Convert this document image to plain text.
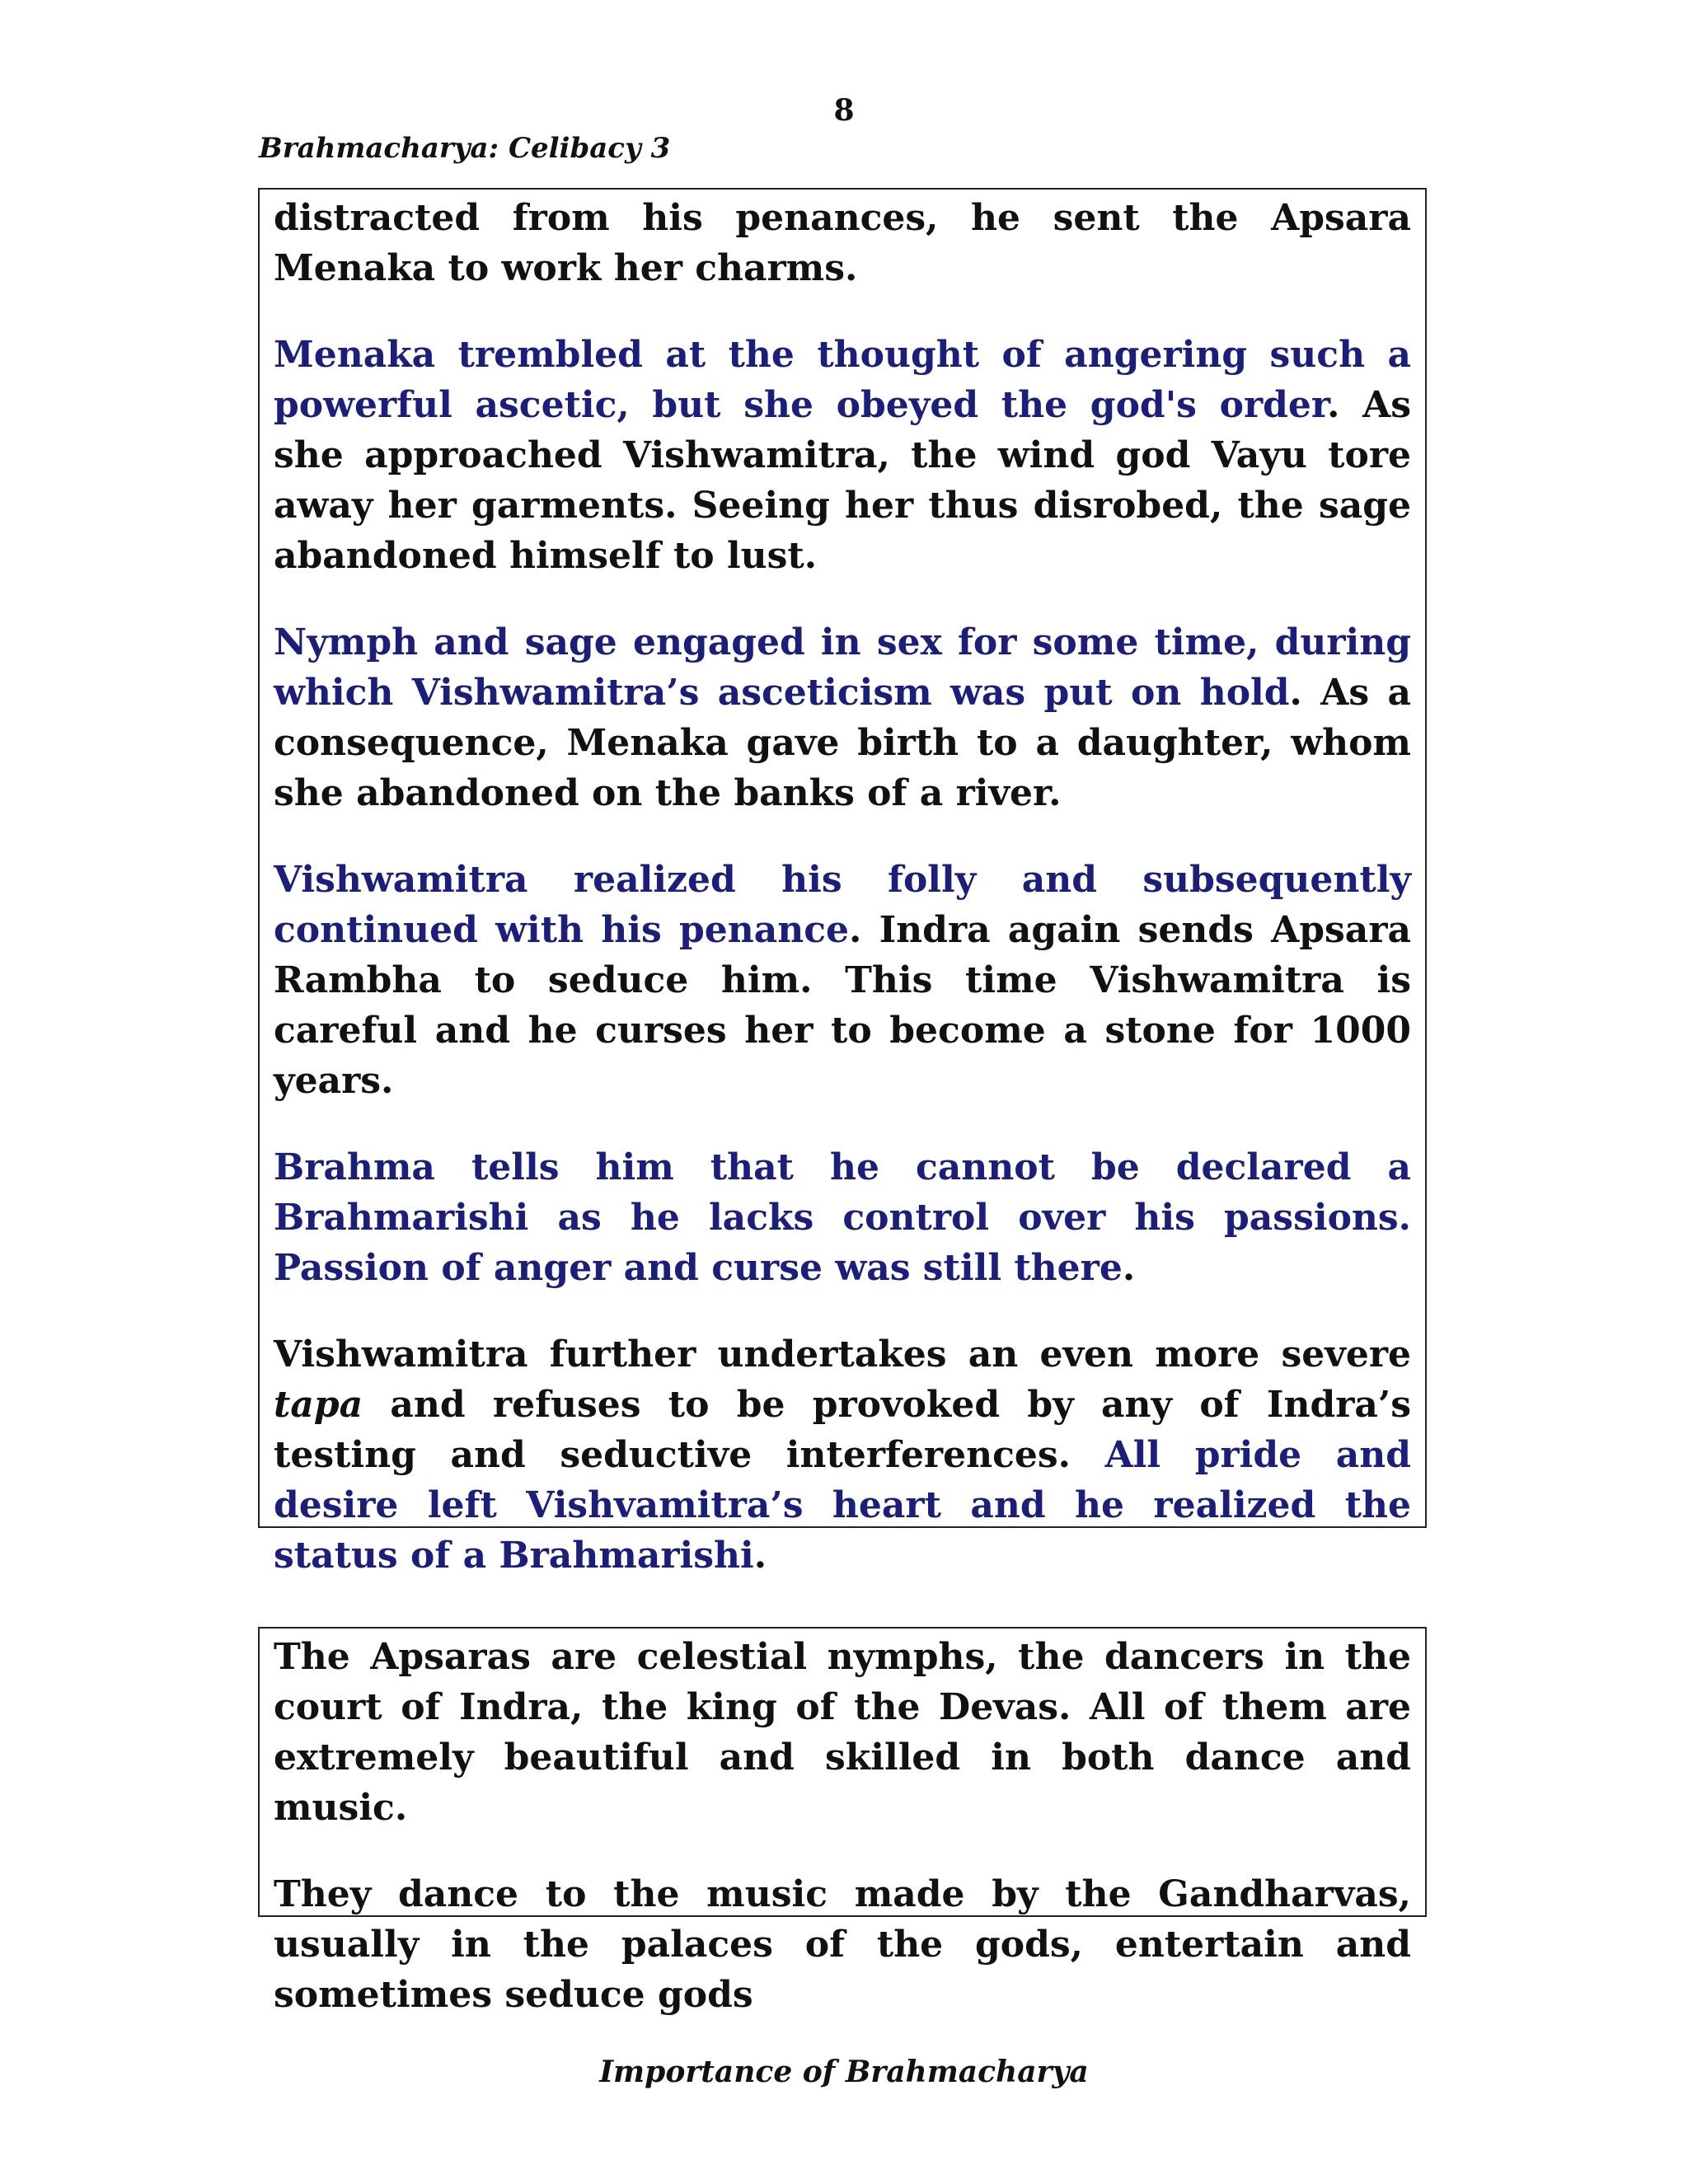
8
Brahmacharya: Celibacy 3

distracted from his penances, he sent the Apsara Menaka to work her charms.

Menaka trembled at the thought of angering such a powerful ascetic, but she obeyed the god's order. As she approached Vishwamitra, the wind god Vayu tore away her garments. Seeing her thus disrobed, the sage abandoned himself to lust.

Nymph and sage engaged in sex for some time, during which Vishwamitra’s asceticism was put on hold. As a consequence, Menaka gave birth to a daughter, whom she abandoned on the banks of a river.

Vishwamitra realized his folly and subsequently continued with his penance. Indra again sends Apsara Rambha to seduce him. This time Vishwamitra is careful and he curses her to become a stone for 1000 years.

Brahma tells him that he cannot be declared a Brahmarishi as he lacks control over his passions. Passion of anger and curse was still there.

Vishwamitra further undertakes an even more severe tapa and refuses to be provoked by any of Indra’s testing and seductive interferences. All pride and desire left Vishvamitra’s heart and he realized the status of a Brahmarishi.

The Apsaras are celestial nymphs, the dancers in the court of Indra, the king of the Devas. All of them are extremely beautiful and skilled in both dance and music.

They dance to the music made by the Gandharvas, usually in the palaces of the gods, entertain and sometimes seduce gods

Importance of Brahmacharya
